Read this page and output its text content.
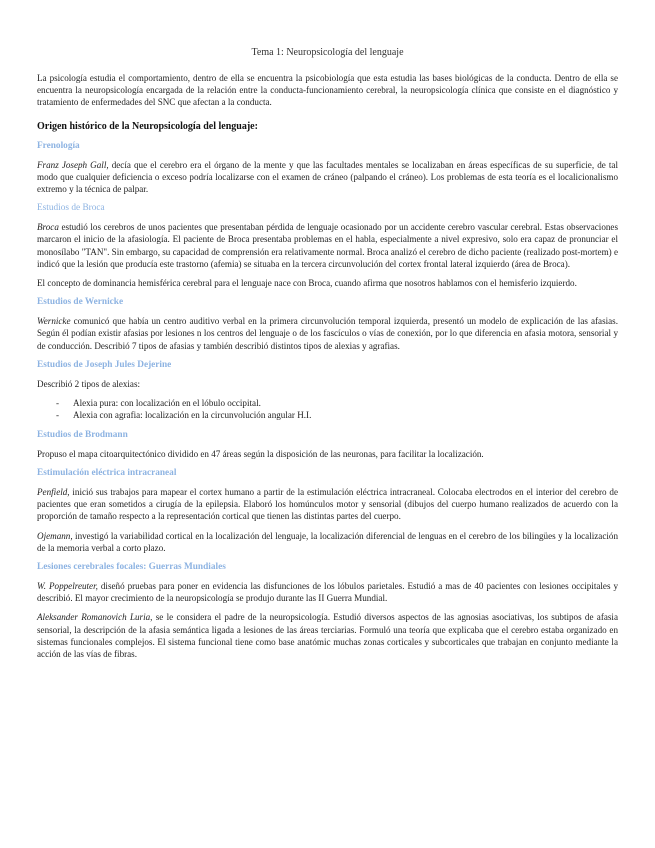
Tema 1: Neuropsicología del lenguaje

La psicología estudia el comportamiento, dentro de ella se encuentra la psicobiología que esta estudia las bases biológicas de la conducta. Dentro de ella se encuentra la neuropsicología encargada de la relación entre la conducta-funcionamiento cerebral, la neuropsicología clínica que consiste en el diagnóstico y tratamiento de enfermedades del SNC que afectan a la conducta.

Origen histórico de la Neuropsicología del lenguaje:
Frenología

Franz Joseph Gall, decía que el cerebro era el órgano de la mente y que las facultades mentales se localizaban en áreas específicas de su superficie, de tal modo que cualquier deficiencia o exceso podría localizarse con el examen de cráneo (palpando el cráneo). Los problemas de esta teoría es el localicionalismo extremo y la técnica de palpar.

Estudios de Broca

Broca estudió los cerebros de unos pacientes que presentaban pérdida de lenguaje ocasionado por un accidente cerebro vascular cerebral. Estas observaciones marcaron el inicio de la afasiología. El paciente de Broca presentaba problemas en el habla, especialmente a nivel expresivo, solo era capaz de pronunciar el monosílabo "TAN". Sin embargo, su capacidad de comprensión era relativamente normal. Broca analizó el cerebro de dicho paciente (realizado post-mortem) e indicó que la lesión que producía este trastorno (afemia) se situaba en la tercera circunvolución del cortex frontal lateral izquierdo (área de Broca).

El concepto de dominancia hemisférica cerebral para el lenguaje nace con Broca, cuando afirma que nosotros hablamos con el hemisferio izquierdo.

Estudios de Wernicke

Wernicke comunicó que había un centro auditivo verbal en la primera circunvolución temporal izquierda, presentó un modelo de explicación de las afasias. Según él podían existir afasias por lesiones n los centros del lenguaje o de los fascículos o vías de conexión, por lo que diferencia en afasia motora, sensorial y de conducción. Describió 7 tipos de afasias y también describió distintos tipos de alexias y agrafias.

Estudios de Joseph Jules Dejerine

Describió 2 tipos de alexias:

- Alexia pura: con localización en el lóbulo occipital.
- Alexia con agrafia: localización en la circunvolución angular H.I.
Estudios de Brodmann

Propuso el mapa citoarquitectónico dividido en 47 áreas según la disposición de las neuronas, para facilitar la localización.

Estimulación eléctrica intracraneal

Penfield, inició sus trabajos para mapear el cortex humano a partir de la estimulación eléctrica intracraneal. Colocaba electrodos en el interior del cerebro de pacientes que eran sometidos a cirugía de la epilepsia. Elaboró los homúnculos motor y sensorial (dibujos del cuerpo humano realizados de acuerdo con la proporción de tamaño respecto a la representación cortical que tienen las distintas partes del cuerpo.

Ojemann, investigó la variabilidad cortical en la localización del lenguaje, la localización diferencial de lenguas en el cerebro de los bilingües y la localización de la memoria verbal a corto plazo.

Lesiones cerebrales focales: Guerras Mundiales

W. Poppelreuter, diseñó pruebas para poner en evidencia las disfunciones de los lóbulos parietales. Estudió a mas de 40 pacientes con lesiones occipitales y describió. El mayor crecimiento de la neuropsicología se produjo durante las II Guerra Mundial.

Aleksander Romanovich Luria, se le considera el padre de la neuropsicología. Estudió diversos aspectos de las agnosias asociativas, los subtipos de afasia sensorial, la descripción de la afasia semántica ligada a lesiones de las áreas terciarias. Formuló una teoría que explicaba que el cerebro estaba organizado en sistemas funcionales complejos. El sistema funcional tiene como base anatómic muchas zonas corticales y subcorticales que trabajan en conjunto mediante la acción de las vías de fibras.
